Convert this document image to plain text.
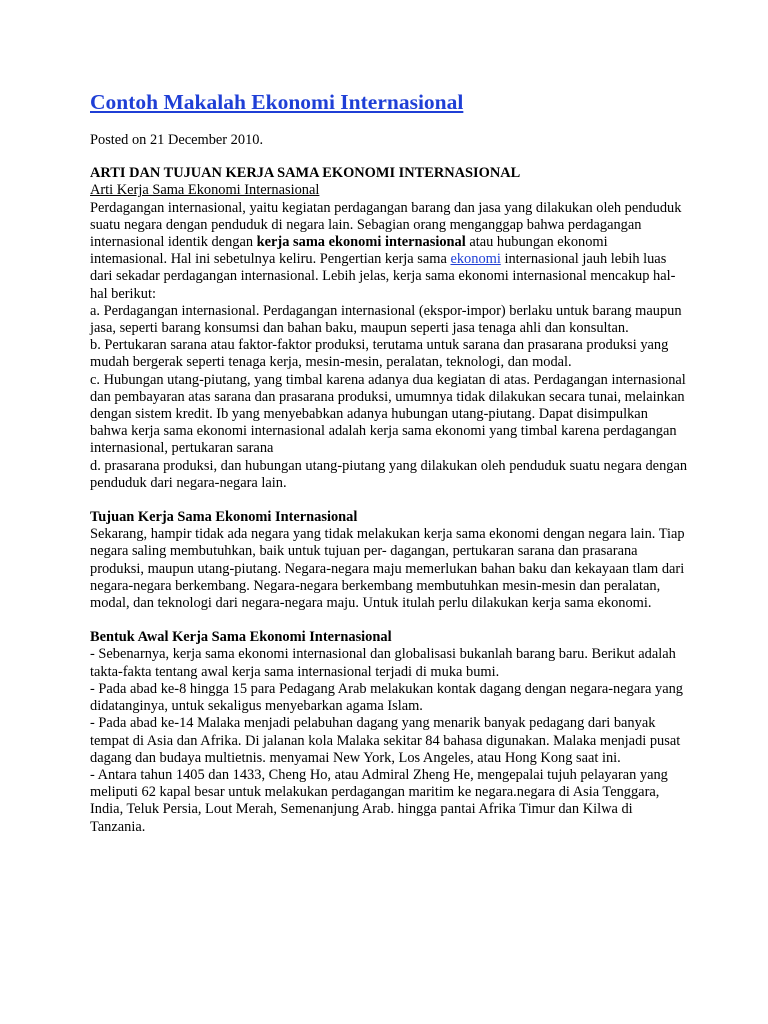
Contoh Makalah Ekonomi Internasional
Posted on 21 December 2010.
ARTI DAN TUJUAN KERJA SAMA EKONOMI INTERNASIONAL
Arti Kerja Sama Ekonomi Internasional

Perdagangan internasional, yaitu kegiatan perdagangan barang dan jasa yang dilakukan oleh penduduk suatu negara dengan penduduk di negara lain. Sebagian orang menganggap bahwa perdagangan internasional identik dengan kerja sama ekonomi internasional atau hubungan ekonomi intemasional. Hal ini sebetulnya keliru. Pengertian kerja sama ekonomi internasional jauh lebih luas dari sekadar perdagangan internasional. Lebih jelas, kerja sama ekonomi internasional mencakup hal-hal berikut:

a. Perdagangan internasional. Perdagangan internasional (ekspor-impor) berlaku untuk barang maupun jasa, seperti barang konsumsi dan bahan baku, maupun seperti jasa tenaga ahli dan konsultan.

b. Pertukaran sarana atau faktor-faktor produksi, terutama untuk sarana dan prasarana produksi yang mudah bergerak seperti tenaga kerja, mesin-mesin, peralatan, teknologi, dan modal.

c. Hubungan utang-piutang, yang timbal karena adanya dua kegiatan di atas. Perdagangan internasional dan pembayaran atas sarana dan prasarana produksi, umumnya tidak dilakukan secara tunai, melainkan dengan sistem kredit. Ib yang menyebabkan adanya hubungan utang-piutang. Dapat disimpulkan bahwa kerja sama ekonomi internasional adalah kerja sama ekonomi yang timbal karena perdagangan internasional, pertukaran sarana

d. prasarana produksi, dan hubungan utang-piutang yang dilakukan oleh penduduk suatu negara dengan penduduk dari negara-negara lain.

Tujuan Kerja Sama Ekonomi Internasional

Sekarang, hampir tidak ada negara yang tidak melakukan kerja sama ekonomi dengan negara lain. Tiap negara saling membutuhkan, baik untuk tujuan per- dagangan, pertukaran sarana dan prasarana produksi, maupun utang-piutang. Negara-negara maju memerlukan bahan baku dan kekayaan tlam dari negara-negara berkembang. Negara-negara berkembang membutuhkan mesin-mesin dan peralatan, modal, dan teknologi dari negara-negara maju. Untuk itulah perlu dilakukan kerja sama ekonomi.

Bentuk Awal Kerja Sama Ekonomi Internasional

- Sebenarnya, kerja sama ekonomi internasional dan globalisasi bukanlah barang baru. Berikut adalah takta-fakta tentang awal kerja sama internasional terjadi di muka bumi.

- Pada abad ke-8 hingga 15 para Pedagang Arab melakukan kontak dagang dengan negara-negara yang didatanginya, untuk sekaligus menyebarkan agama Islam.

- Pada abad ke-14 Malaka menjadi pelabuhan dagang yang menarik banyak pedagang dari banyak tempat di Asia dan Afrika. Di jalanan kola Malaka sekitar 84 bahasa digunakan. Malaka menjadi pusat dagang dan budaya multietnis. menyamai New York, Los Angeles, atau Hong Kong saat ini.

- Antara tahun 1405 dan 1433, Cheng Ho, atau Admiral Zheng He, mengepalai tujuh pelayaran yang meliputi 62 kapal besar untuk melakukan perdagangan maritim ke negara.negara di Asia Tenggara, India, Teluk Persia, Lout Merah, Semenanjung Arab. hingga pantai Afrika Timur dan Kilwa di Tanzania.
